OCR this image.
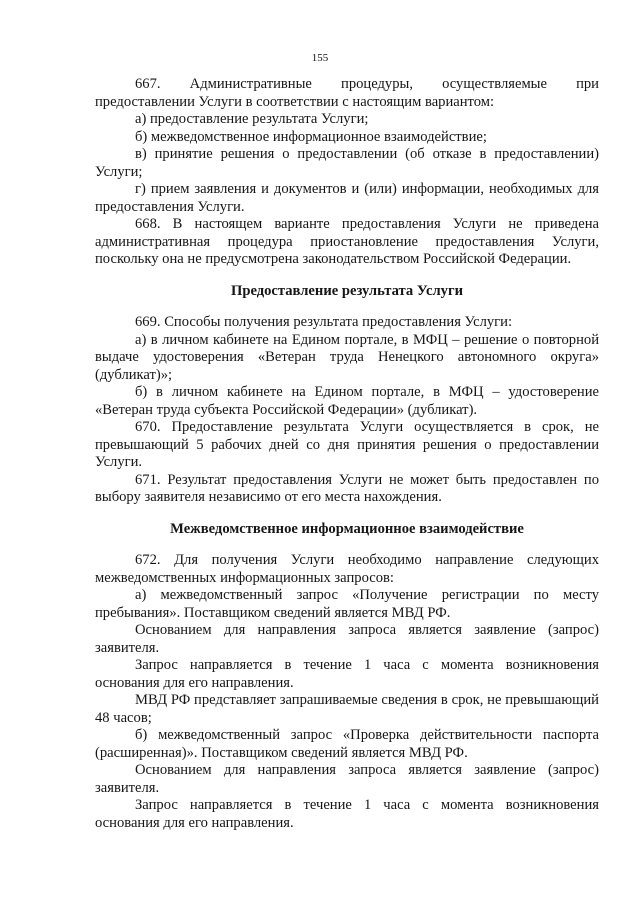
155

667. Административные процедуры, осуществляемые при предоставлении Услуги в соответствии с настоящим вариантом:

а) предоставление результата Услуги;

б) межведомственное информационное взаимодействие;

в) принятие решения о предоставлении (об отказе в предоставлении) Услуги;

г) прием заявления и документов и (или) информации, необходимых для предоставления Услуги.

668. В настоящем варианте предоставления Услуги не приведена административная процедура приостановление предоставления Услуги, поскольку она не предусмотрена законодательством Российской Федерации.

Предоставление результата Услуги

669. Способы получения результата предоставления Услуги:

а) в личном кабинете на Едином портале, в МФЦ – решение о повторной выдаче удостоверения «Ветеран труда Ненецкого автономного округа» (дубликат)»;

б) в личном кабинете на Едином портале, в МФЦ – удостоверение «Ветеран труда субъекта Российской Федерации» (дубликат).

670. Предоставление результата Услуги осуществляется в срок, не превышающий 5 рабочих дней со дня принятия решения о предоставлении Услуги.

671. Результат предоставления Услуги не может быть предоставлен по выбору заявителя независимо от его места нахождения.

Межведомственное информационное взаимодействие

672. Для получения Услуги необходимо направление следующих межведомственных информационных запросов:

а) межведомственный запрос «Получение регистрации по месту пребывания». Поставщиком сведений является МВД РФ.

Основанием для направления запроса является заявление (запрос) заявителя.

Запрос направляется в течение 1 часа с момента возникновения основания для его направления.

МВД РФ представляет запрашиваемые сведения в срок, не превышающий 48 часов;

б) межведомственный запрос «Проверка действительности паспорта (расширенная)». Поставщиком сведений является МВД РФ.

Основанием для направления запроса является заявление (запрос) заявителя.

Запрос направляется в течение 1 часа с момента возникновения основания для его направления.
